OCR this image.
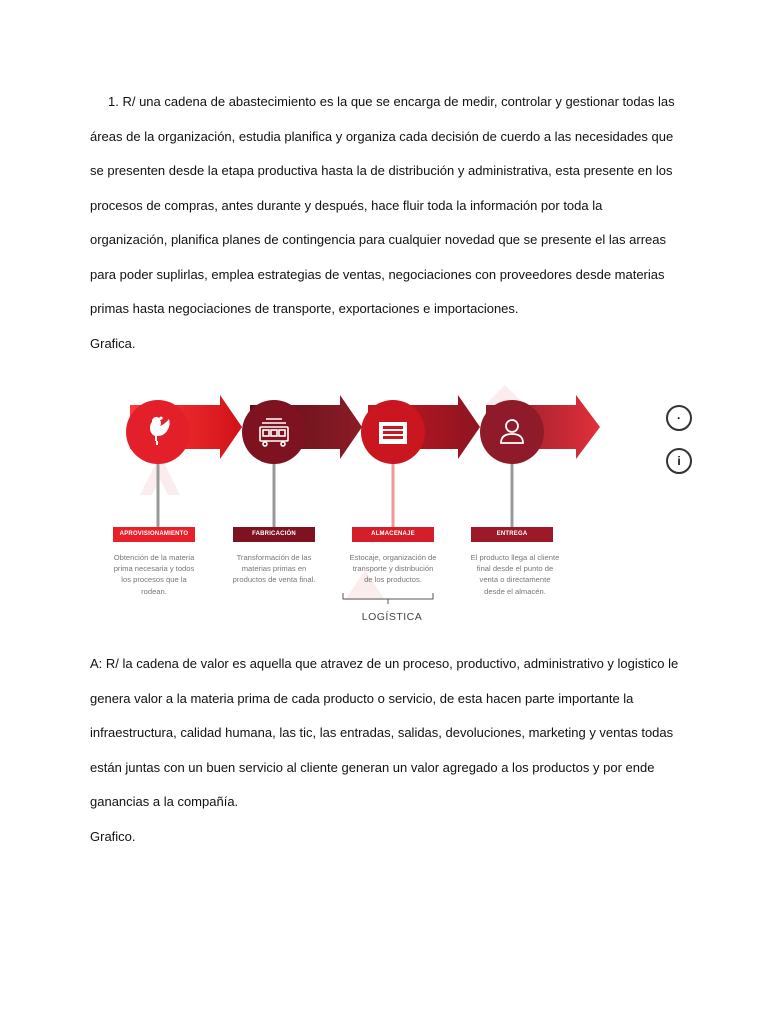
1. R/ una cadena de abastecimiento es la que se encarga de medir, controlar y gestionar todas las áreas de la organización, estudia planifica y organiza cada decisión de cuerdo a las necesidades que se presenten desde la etapa productiva hasta la de distribución y administrativa, esta presente en los procesos de compras, antes durante y después, hace fluir toda la información por toda la organización, planifica planes de contingencia para cualquier novedad que se presente el las arreas para poder suplirlas, emplea estrategias de ventas, negociaciones con proveedores desde materias primas hasta negociaciones de transporte, exportaciones e importaciones.
Grafica.
APROVISIONAMIENTO	FABRICACIÓN	ALMACENAJE	ENTREGA
Obtención de la materia prima necesaria y todos los procesos que la rodean.
Transformación de las materias primas en productos de venta final.
Estocaje, organización de transporte y distribución de los productos.
El producto llega al cliente final desde el punto de venta o directamente desde el almacén.
LOGÍSTICA
·
i
A: R/ la cadena de valor es aquella que atravez de un proceso, productivo, administrativo y logistico le genera valor a la materia prima de cada producto o servicio, de esta hacen parte importante la infraestructura, calidad humana, las tic, las entradas, salidas, devoluciones, marketing y ventas todas están juntas con un buen servicio al cliente generan un valor agregado a los productos y por ende ganancias a la compañía.
Grafico.
